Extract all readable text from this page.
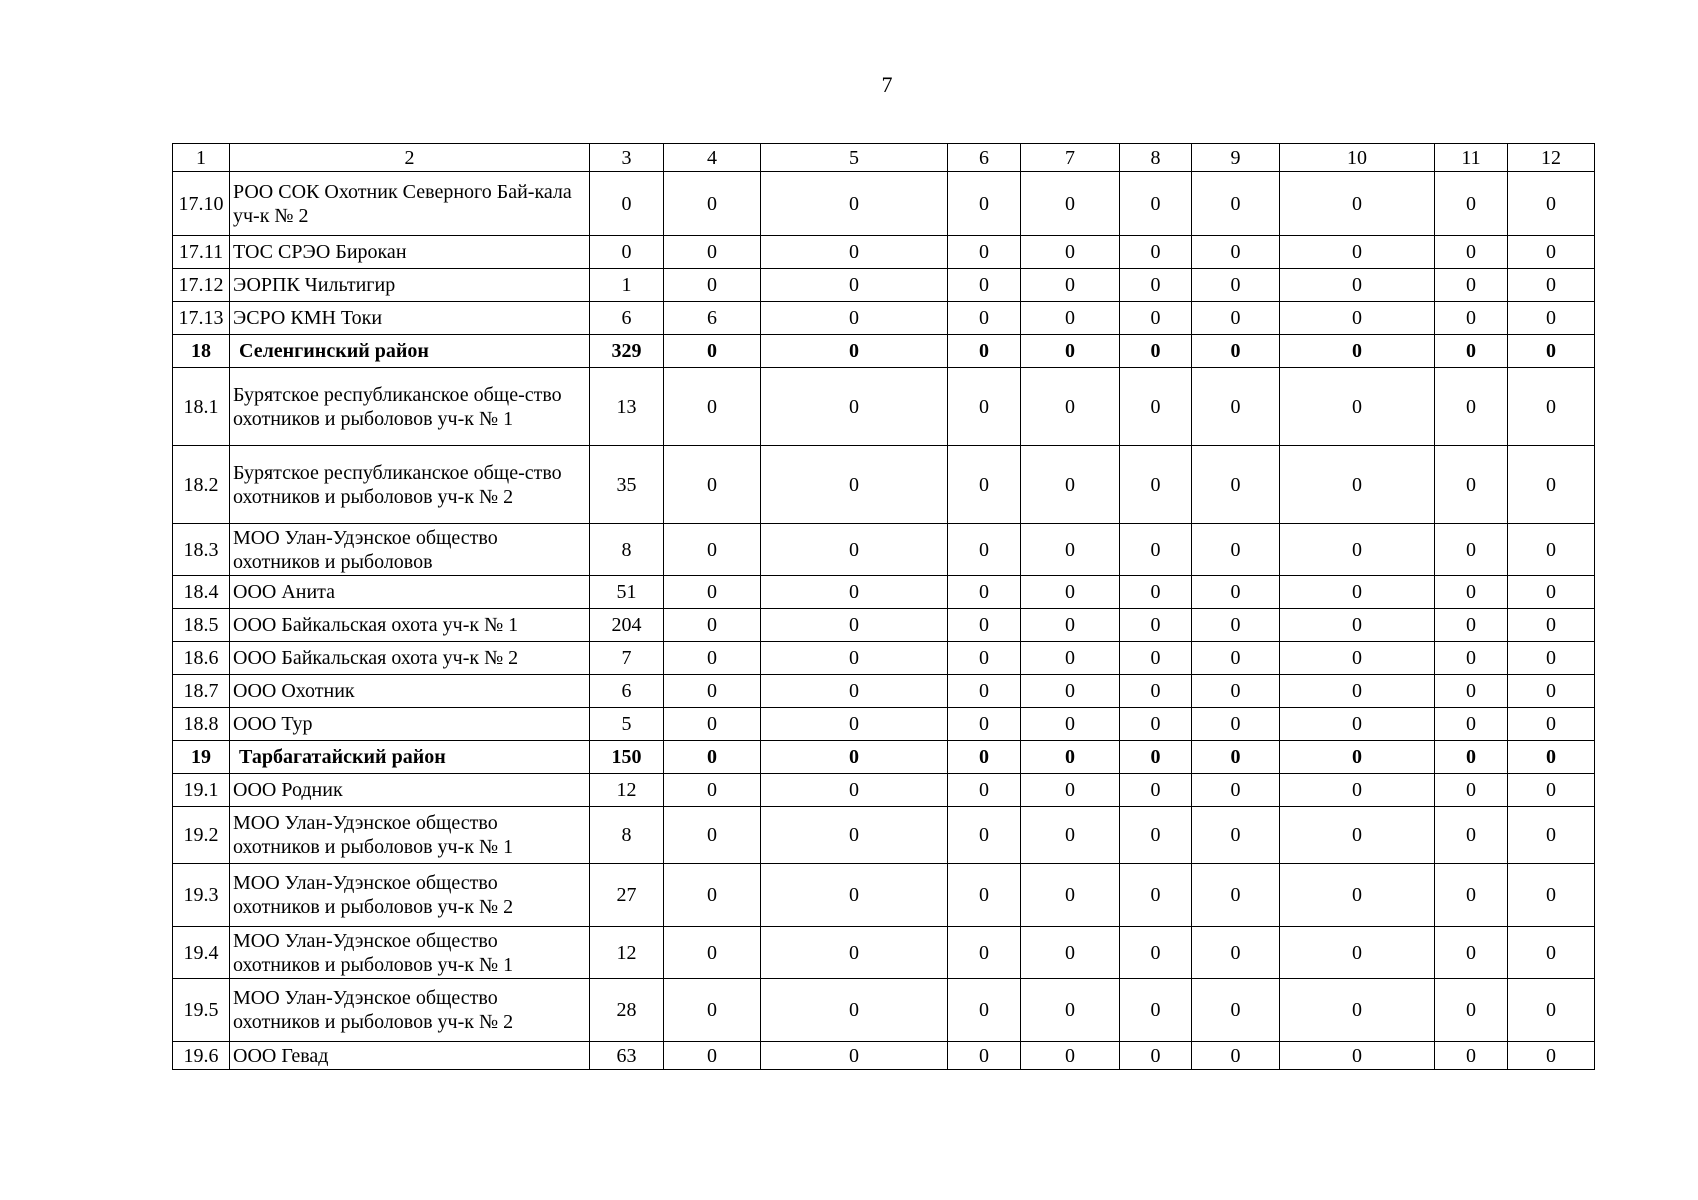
7
1	2	3	4	5	6	7	8	9	10	11	12
17.10	РОО СОК Охотник Северного Бай-кала уч-к № 2	0	0	0	0	0	0	0	0	0	0
17.11	ТОС СРЭО Бирокан	0	0	0	0	0	0	0	0	0	0
17.12	ЭОРПК Чильтигир	1	0	0	0	0	0	0	0	0	0
17.13	ЭСРО КМН Токи	6	6	0	0	0	0	0	0	0	0
18	Селенгинский район	329	0	0	0	0	0	0	0	0	0
18.1	Бурятское республиканское обще-ство охотников и рыболовов уч-к № 1	13	0	0	0	0	0	0	0	0	0
18.2	Бурятское республиканское обще-ство охотников и рыболовов уч-к № 2	35	0	0	0	0	0	0	0	0	0
18.3	МОО Улан-Удэнское общество охотников и рыболовов	8	0	0	0	0	0	0	0	0	0
18.4	ООО Анита	51	0	0	0	0	0	0	0	0	0
18.5	ООО Байкальская охота уч-к № 1	204	0	0	0	0	0	0	0	0	0
18.6	ООО Байкальская охота уч-к № 2	7	0	0	0	0	0	0	0	0	0
18.7	ООО Охотник	6	0	0	0	0	0	0	0	0	0
18.8	ООО Тур	5	0	0	0	0	0	0	0	0	0
19	Тарбагатайский район	150	0	0	0	0	0	0	0	0	0
19.1	ООО Родник	12	0	0	0	0	0	0	0	0	0
19.2	МОО Улан-Удэнское общество охотников и рыболовов уч-к № 1	8	0	0	0	0	0	0	0	0	0
19.3	МОО Улан-Удэнское общество охотников и рыболовов уч-к № 2	27	0	0	0	0	0	0	0	0	0
19.4	МОО Улан-Удэнское общество охотников и рыболовов уч-к № 1	12	0	0	0	0	0	0	0	0	0
19.5	МОО Улан-Удэнское общество охотников и рыболовов уч-к № 2	28	0	0	0	0	0	0	0	0	0
19.6	ООО Гевад	63	0	0	0	0	0	0	0	0	0
